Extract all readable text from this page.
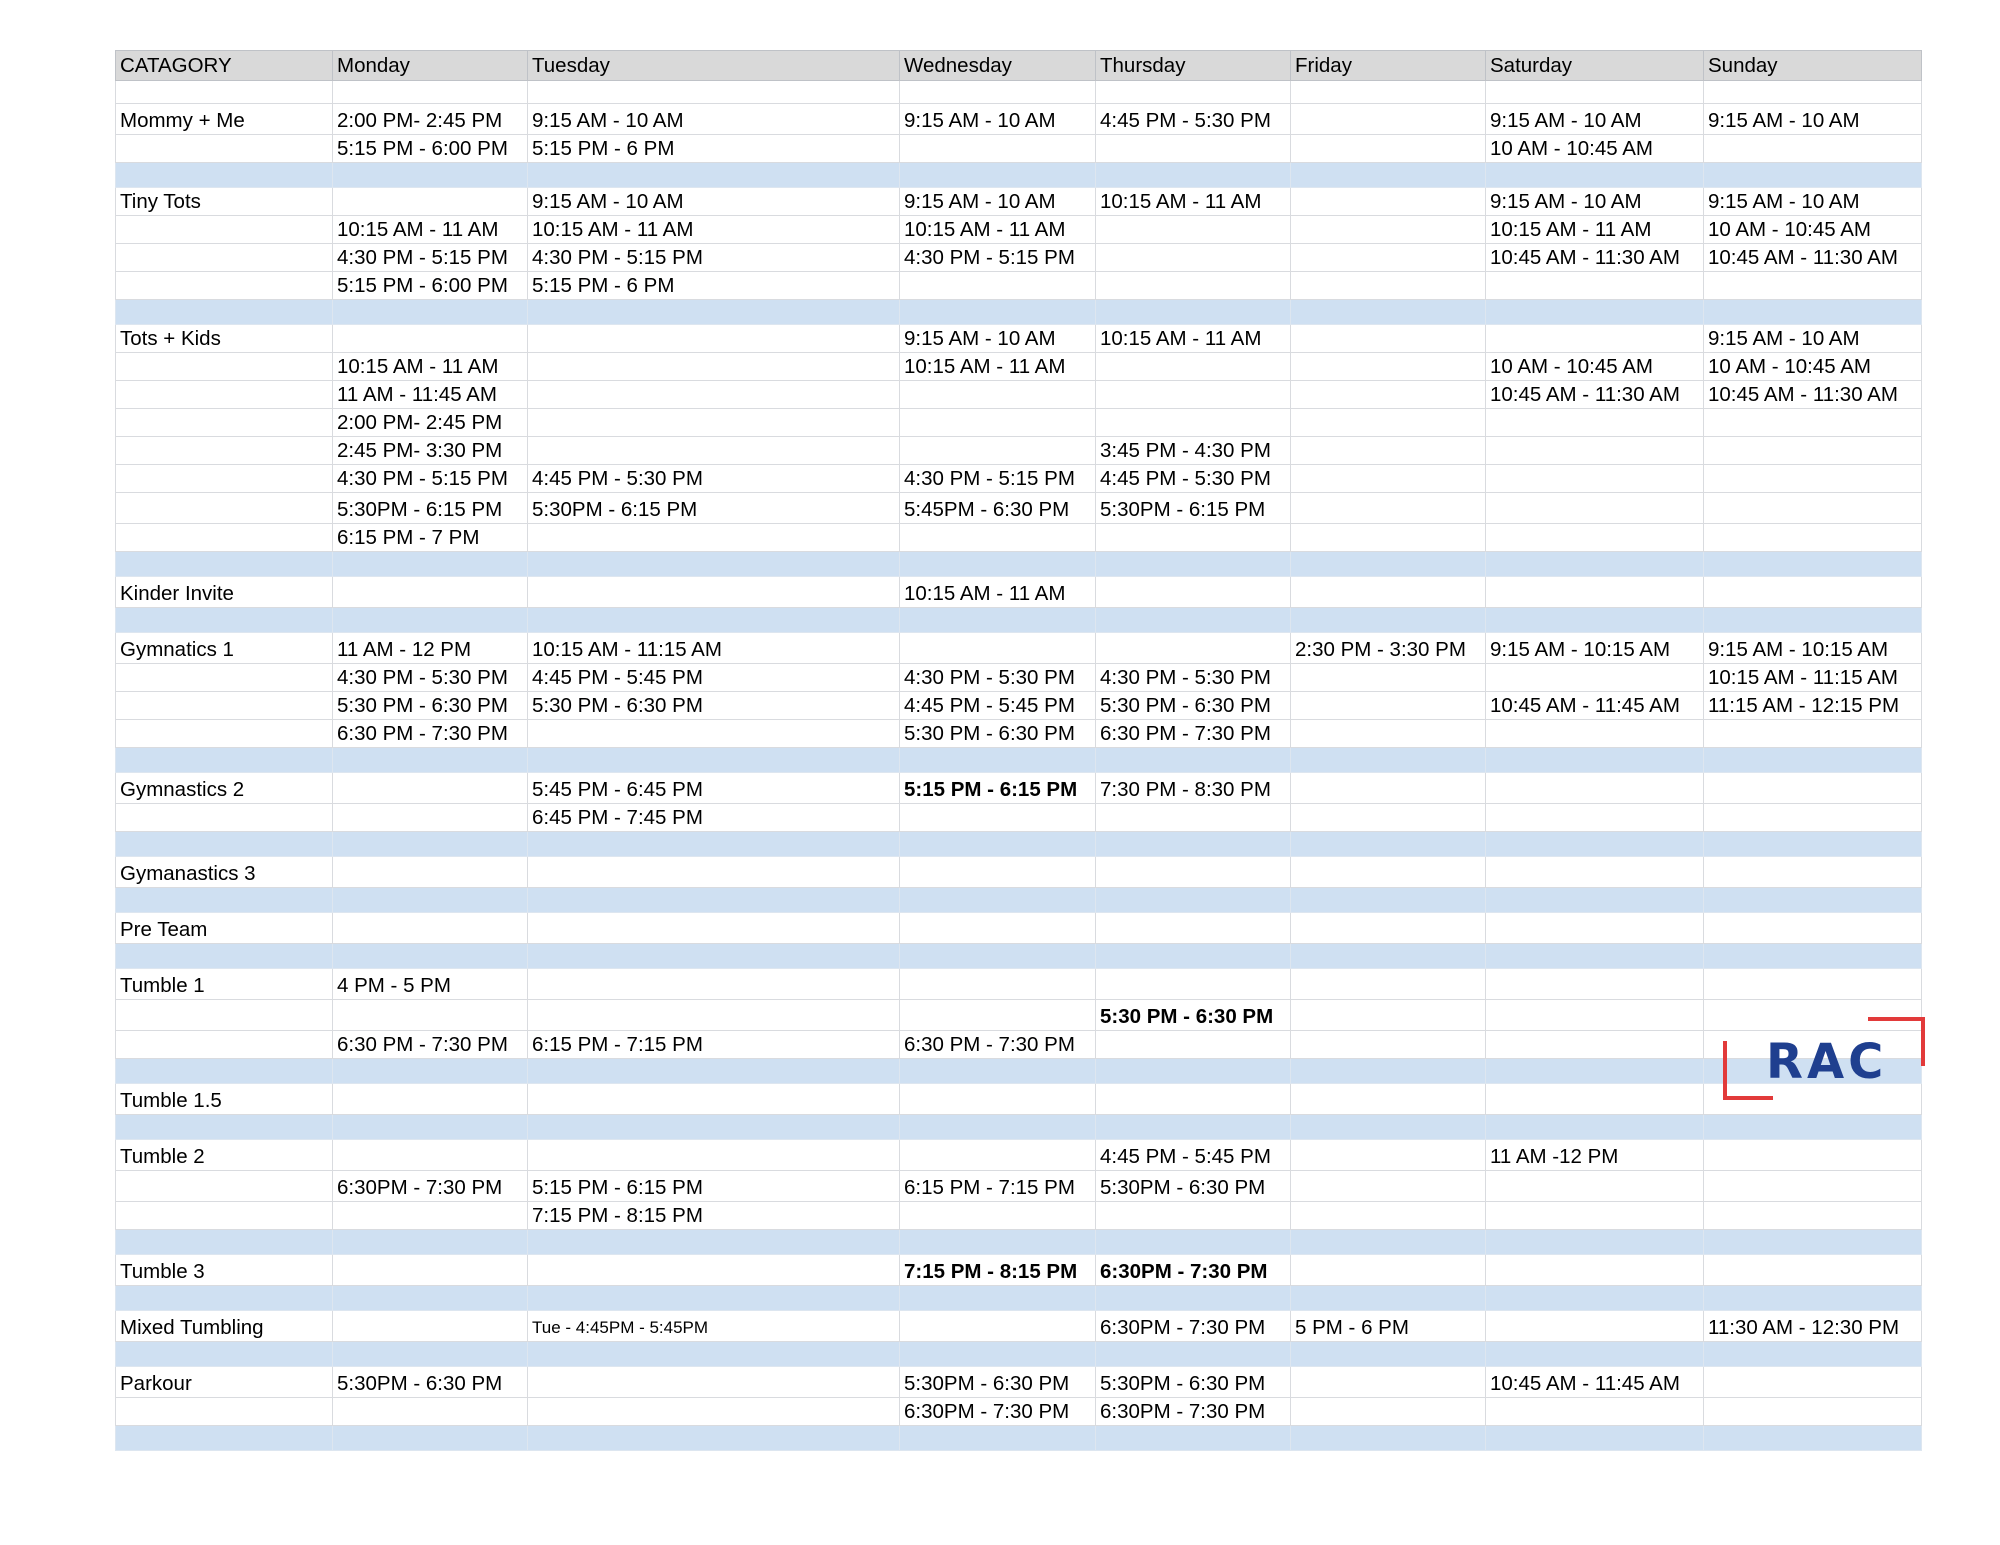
CATAGORY	Monday	Tuesday	Wednesday	Thursday	Friday	Saturday	Sunday

Mommy + Me	2:00 PM- 2:45 PM	9:15 AM - 10 AM	9:15 AM - 10 AM	4:45 PM - 5:30 PM		9:15 AM - 10 AM	9:15 AM - 10 AM
	5:15 PM - 6:00 PM	5:15 PM - 6 PM				10 AM - 10:45 AM	

Tiny Tots		9:15 AM - 10 AM	9:15 AM - 10 AM	10:15 AM - 11 AM		9:15 AM - 10 AM	9:15 AM - 10 AM
	10:15 AM - 11 AM	10:15 AM - 11 AM	10:15 AM - 11 AM			10:15 AM - 11 AM	10 AM - 10:45 AM
	4:30 PM - 5:15 PM	4:30 PM - 5:15 PM	4:30 PM - 5:15 PM			10:45 AM - 11:30 AM	10:45 AM - 11:30 AM
	5:15 PM - 6:00 PM	5:15 PM - 6 PM					

Tots + Kids			9:15 AM - 10 AM	10:15 AM - 11 AM			9:15 AM - 10 AM
	10:15 AM - 11 AM		10:15 AM - 11 AM			10 AM - 10:45 AM	10 AM - 10:45 AM
	11 AM - 11:45 AM					10:45 AM - 11:30 AM	10:45 AM - 11:30 AM
	2:00 PM- 2:45 PM						
	2:45 PM- 3:30 PM			3:45 PM - 4:30 PM			
	4:30 PM - 5:15 PM	4:45 PM - 5:30 PM	4:30 PM - 5:15 PM	4:45 PM - 5:30 PM			
	5:30PM - 6:15 PM	5:30PM - 6:15 PM	5:45PM - 6:30 PM	5:30PM - 6:15 PM			
	6:15 PM - 7 PM						

Kinder Invite			10:15 AM - 11 AM				

Gymnatics 1	11 AM - 12 PM	10:15 AM - 11:15 AM			2:30 PM - 3:30 PM	9:15 AM - 10:15 AM	9:15 AM - 10:15 AM
	4:30 PM - 5:30 PM	4:45 PM - 5:45 PM	4:30 PM - 5:30 PM	4:30 PM - 5:30 PM			10:15 AM - 11:15 AM
	5:30 PM - 6:30 PM	5:30 PM - 6:30 PM	4:45 PM - 5:45 PM	5:30 PM - 6:30 PM		10:45 AM - 11:45 AM	11:15 AM - 12:15 PM
	6:30 PM - 7:30 PM		5:30 PM - 6:30 PM	6:30 PM - 7:30 PM			

Gymnastics 2		5:45 PM - 6:45 PM	5:15 PM - 6:15 PM	7:30 PM - 8:30 PM			
		6:45 PM - 7:45 PM					

Gymanastics 3							

Pre Team							

Tumble 1	4 PM - 5 PM						
				5:30 PM - 6:30 PM			
	6:30 PM - 7:30 PM	6:15 PM - 7:15 PM	6:30 PM - 7:30 PM				

Tumble 1.5							

Tumble 2				4:45 PM - 5:45 PM		11 AM -12 PM	
	6:30PM - 7:30 PM	5:15 PM - 6:15 PM	6:15 PM - 7:15 PM	5:30PM - 6:30 PM			
		7:15 PM - 8:15 PM					

Tumble 3			7:15 PM - 8:15 PM	6:30PM - 7:30 PM			

Mixed Tumbling		Tue - 4:45PM - 5:45PM		6:30PM - 7:30 PM	5 PM - 6 PM		11:30 AM - 12:30 PM

Parkour	5:30PM - 6:30 PM		5:30PM - 6:30 PM	5:30PM - 6:30 PM		10:45 AM - 11:45 AM	
			6:30PM - 7:30 PM	6:30PM - 7:30 PM			

RAC
